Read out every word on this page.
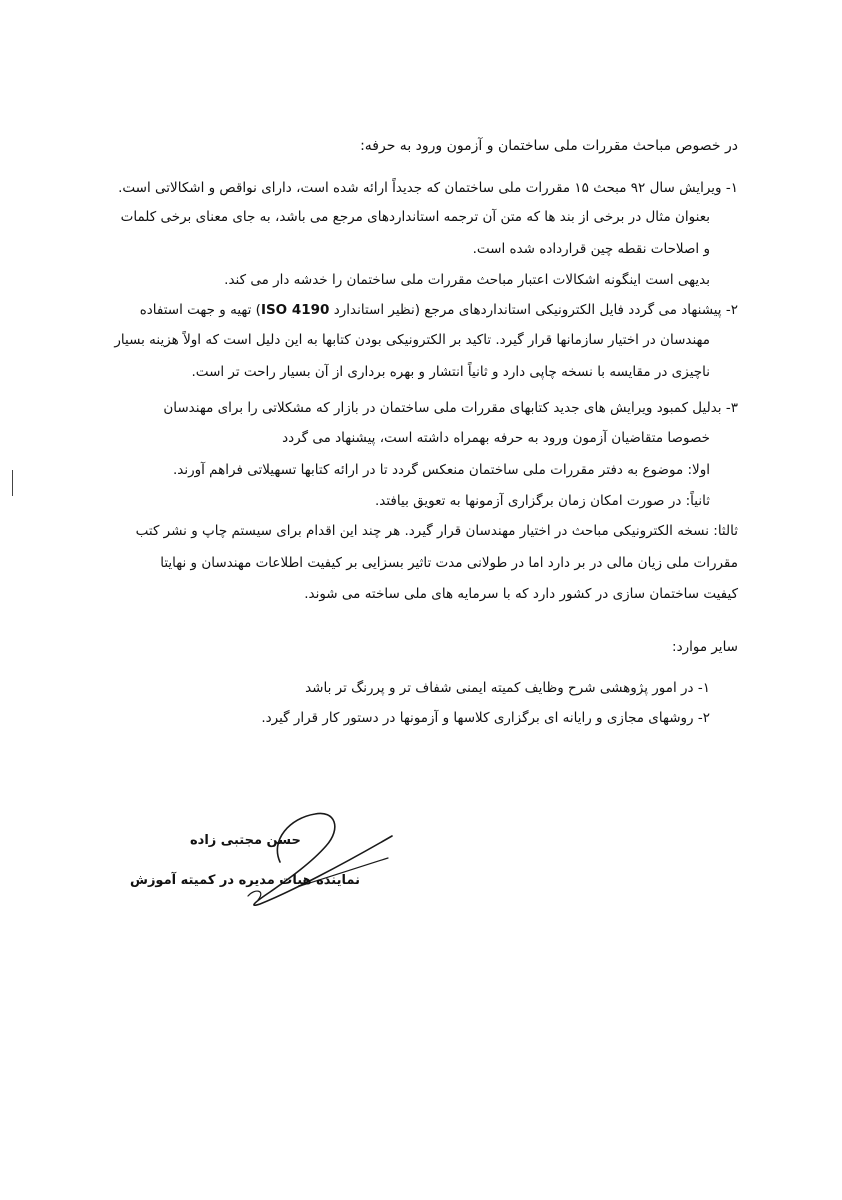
در خصوص مباحث مقررات ملی ساختمان و آزمون ورود به حرفه:
۱- ویرایش سال ۹۲ مبحث ۱۵ مقررات ملی ساختمان که جدیداً ارائه شده است، دارای نواقص و اشکالاتی است.
بعنوان مثال در برخی از بند ها که متن آن ترجمه استانداردهای مرجع می باشد، به جای معنای برخی کلمات
و اصلاحات نقطه چین قرارداده شده است.
بدیهی است اینگونه اشکالات اعتبار مباحث مقررات ملی ساختمان را خدشه دار می کند.
۲- پیشنهاد می گردد فایل الکترونیکی استانداردهای مرجع (نظیر استاندارد ISO 4190) تهیه و جهت استفاده
مهندسان در اختیار سازمانها قرار گیرد. تاکید بر الکترونیکی بودن کتابها به این دلیل است که اولاً هزینه بسیار
ناچیزی در مقایسه با نسخه چاپی دارد و ثانیاً انتشار و بهره برداری از آن بسیار راحت تر است.
۳- بدلیل کمبود ویرایش های جدید کتابهای مقررات ملی ساختمان در بازار که مشکلاتی را برای مهندسان
خصوصا متقاضیان آزمون ورود به حرفه بهمراه داشته است، پیشنهاد می گردد
اولا: موضوع به دفتر مقررات ملی ساختمان منعکس گردد تا در ارائه کتابها تسهیلاتی فراهم آورند.
ثانیاً: در صورت امکان زمان برگزاری آزمونها به تعویق بیافتد.
ثالثا: نسخه الکترونیکی مباحث در اختیار مهندسان قرار گیرد. هر چند این اقدام برای سیستم چاپ و نشر کتب
مقررات ملی زیان مالی در بر دارد اما در طولانی مدت تاثیر بسزایی بر کیفیت اطلاعات مهندسان و نهایتا
کیفیت ساختمان سازی در کشور دارد که با سرمایه های ملی ساخته می شوند.
سایر موارد:
۱- در امور پژوهشی شرح وظایف کمیته ایمنی شفاف تر و پررنگ تر باشد
۲- روشهای مجازی و رایانه ای برگزاری کلاسها و آزمونها در دستور کار قرار گیرد.
حسن مجتبی زاده
نماینده هیات مدیره در کمیته آموزش
